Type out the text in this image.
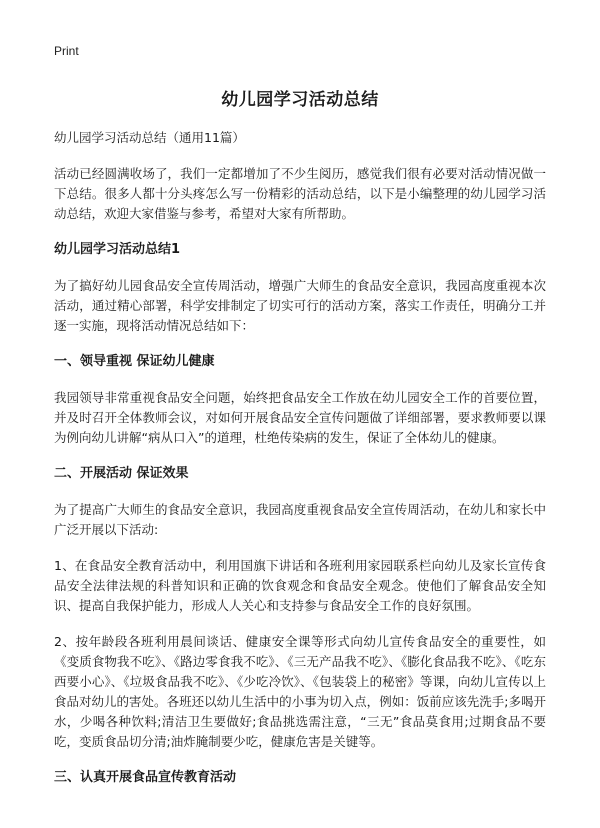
Print
幼儿园学习活动总结
幼儿园学习活动总结（通用11篇）

活动已经圆满收场了，我们一定都增加了不少生阅历，感觉我们很有必要对活动情况做一下总结。很多人都十分头疼怎么写一份精彩的活动总结，以下是小编整理的幼儿园学习活动总结，欢迎大家借鉴与参考，希望对大家有所帮助。

幼儿园学习活动总结1

为了搞好幼儿园食品安全宣传周活动，增强广大师生的食品安全意识，我园高度重视本次活动，通过精心部署，科学安排制定了切实可行的活动方案，落实工作责任，明确分工并逐一实施，现将活动情况总结如下：

一、领导重视 保证幼儿健康

我园领导非常重视食品安全问题，始终把食品安全工作放在幼儿园安全工作的首要位置，并及时召开全体教师会议，对如何开展食品安全宣传问题做了详细部署，要求教师要以课为例向幼儿讲解“病从口入”的道理，杜绝传染病的发生，保证了全体幼儿的健康。

二、开展活动 保证效果

为了提高广大师生的食品安全意识，我园高度重视食品安全宣传周活动，在幼儿和家长中广泛开展以下活动:

1、在食品安全教育活动中，利用国旗下讲话和各班利用家园联系栏向幼儿及家长宣传食品安全法律法规的科普知识和正确的饮食观念和食品安全观念。使他们了解食品安全知识、提高自我保护能力，形成人人关心和支持参与食品安全工作的良好氛围。

2、按年龄段各班利用晨间谈话、健康安全课等形式向幼儿宣传食品安全的重要性，如《变质食物我不吃》、《路边零食我不吃》、《三无产品我不吃》、《膨化食品我不吃》、《吃东西要小心》、《垃圾食品我不吃》、《少吃冷饮》、《包装袋上的秘密》等课，向幼儿宣传以上食品对幼儿的害处。各班还以幼儿生活中的小事为切入点，例如：饭前应该先洗手;多喝开水，少喝各种饮料;清洁卫生要做好;食品挑选需注意，“三无”食品莫食用;过期食品不要吃，变质食品切分清;油炸腌制要少吃，健康危害是关键等。

三、认真开展食品宣传教育活动
